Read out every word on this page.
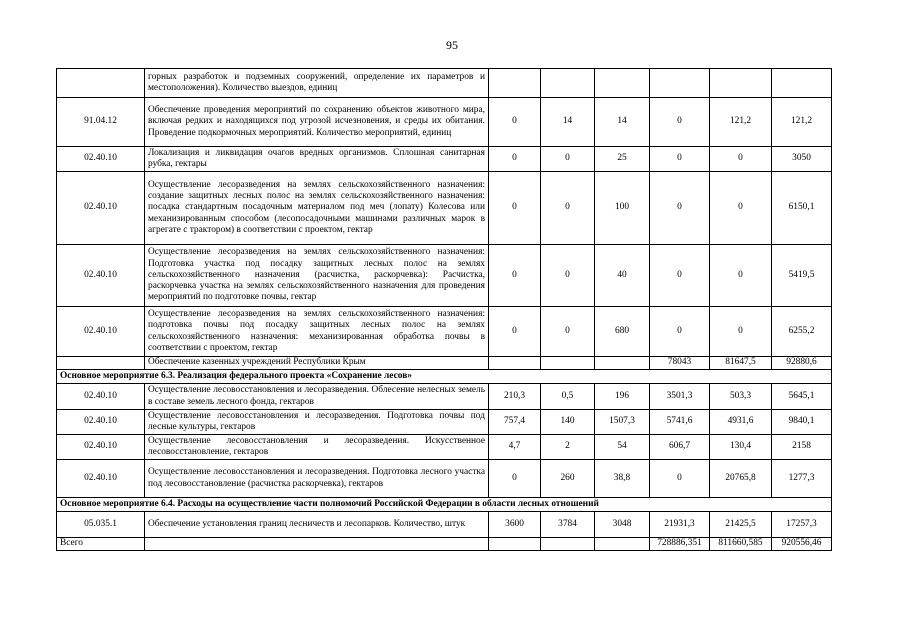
95
	горных разработок и подземных сооружений, определение их параметров и местоположения). Количество выездов, единиц						
91.04.12	Обеспечение проведения мероприятий по сохранению объектов животного мира, включая редких и находящихся под угрозой исчезновения, и среды их обитания. Проведение подкормочных мероприятий. Количество мероприятий, единиц	0	14	14	0	121,2	121,2
02.40.10	Локализация и ликвидация очагов вредных организмов. Сплошная санитарная рубка, гектары	0	0	25	0	0	3050
02.40.10	Осуществление лесоразведения на землях сельскохозяйственного назначения: создание защитных лесных полос на землях сельскохозяйственного назначения: посадка стандартным посадочным материалом под меч (лопату) Колесова или механизированным способом (лесопосадочными машинами различных марок в агрегате с трактором) в соответствии с проектом, гектар	0	0	100	0	0	6150,1
02.40.10	Осуществление лесоразведения на землях сельскохозяйственного назначения: Подготовка участка под посадку защитных лесных полос на землях сельскохозяйственного назначения (расчистка, раскорчевка): Расчистка, раскорчевка участка на землях сельскохозяйственного назначения для проведения мероприятий по подготовке почвы, гектар	0	0	40	0	0	5419,5
02.40.10	Осуществление лесоразведения на землях сельскохозяйственного назначения: подготовка почвы под посадку защитных лесных полос на землях сельскохозяйственного назначения: механизированная обработка почвы в соответствии с проектом, гектар	0	0	680	0	0	6255,2
	Обеспечение казенных учреждений Республики Крым				78043	81647,5	92880,6
Основное мероприятие 6.3. Реализация федерального проекта «Сохранение лесов»							
02.40.10	Осуществление лесовосстановления и лесоразведения. Облесение нелесных земель в составе земель лесного фонда, гектаров	210,3	0,5	196	3501,3	503,3	5645,1
02.40.10	Осуществление лесовосстановления и лесоразведения. Подготовка почвы под лесные культуры, гектаров	757,4	140	1507,3	5741,6	4931,6	9840,1
02.40.10	Осуществление лесовосстановления и лесоразведения. Искусственное лесовосстановление, гектаров	4,7	2	54	606,7	130,4	2158
02.40.10	Осуществление лесовосстановления и лесоразведения. Подготовка лесного участка под лесовосстановление (расчистка раскорчевка), гектаров	0	260	38,8	0	20765,8	1277,3
Основное мероприятие 6.4. Расходы на осуществление части полномочий Российской Федерации в области лесных отношений							
05.035.1	Обеспечение установления границ лесничеств и лесопарков. Количество, штук	3600	3784	3048	21931,3	21425,5	17257,3
Всего					728886,351	811660,585	920556,46
